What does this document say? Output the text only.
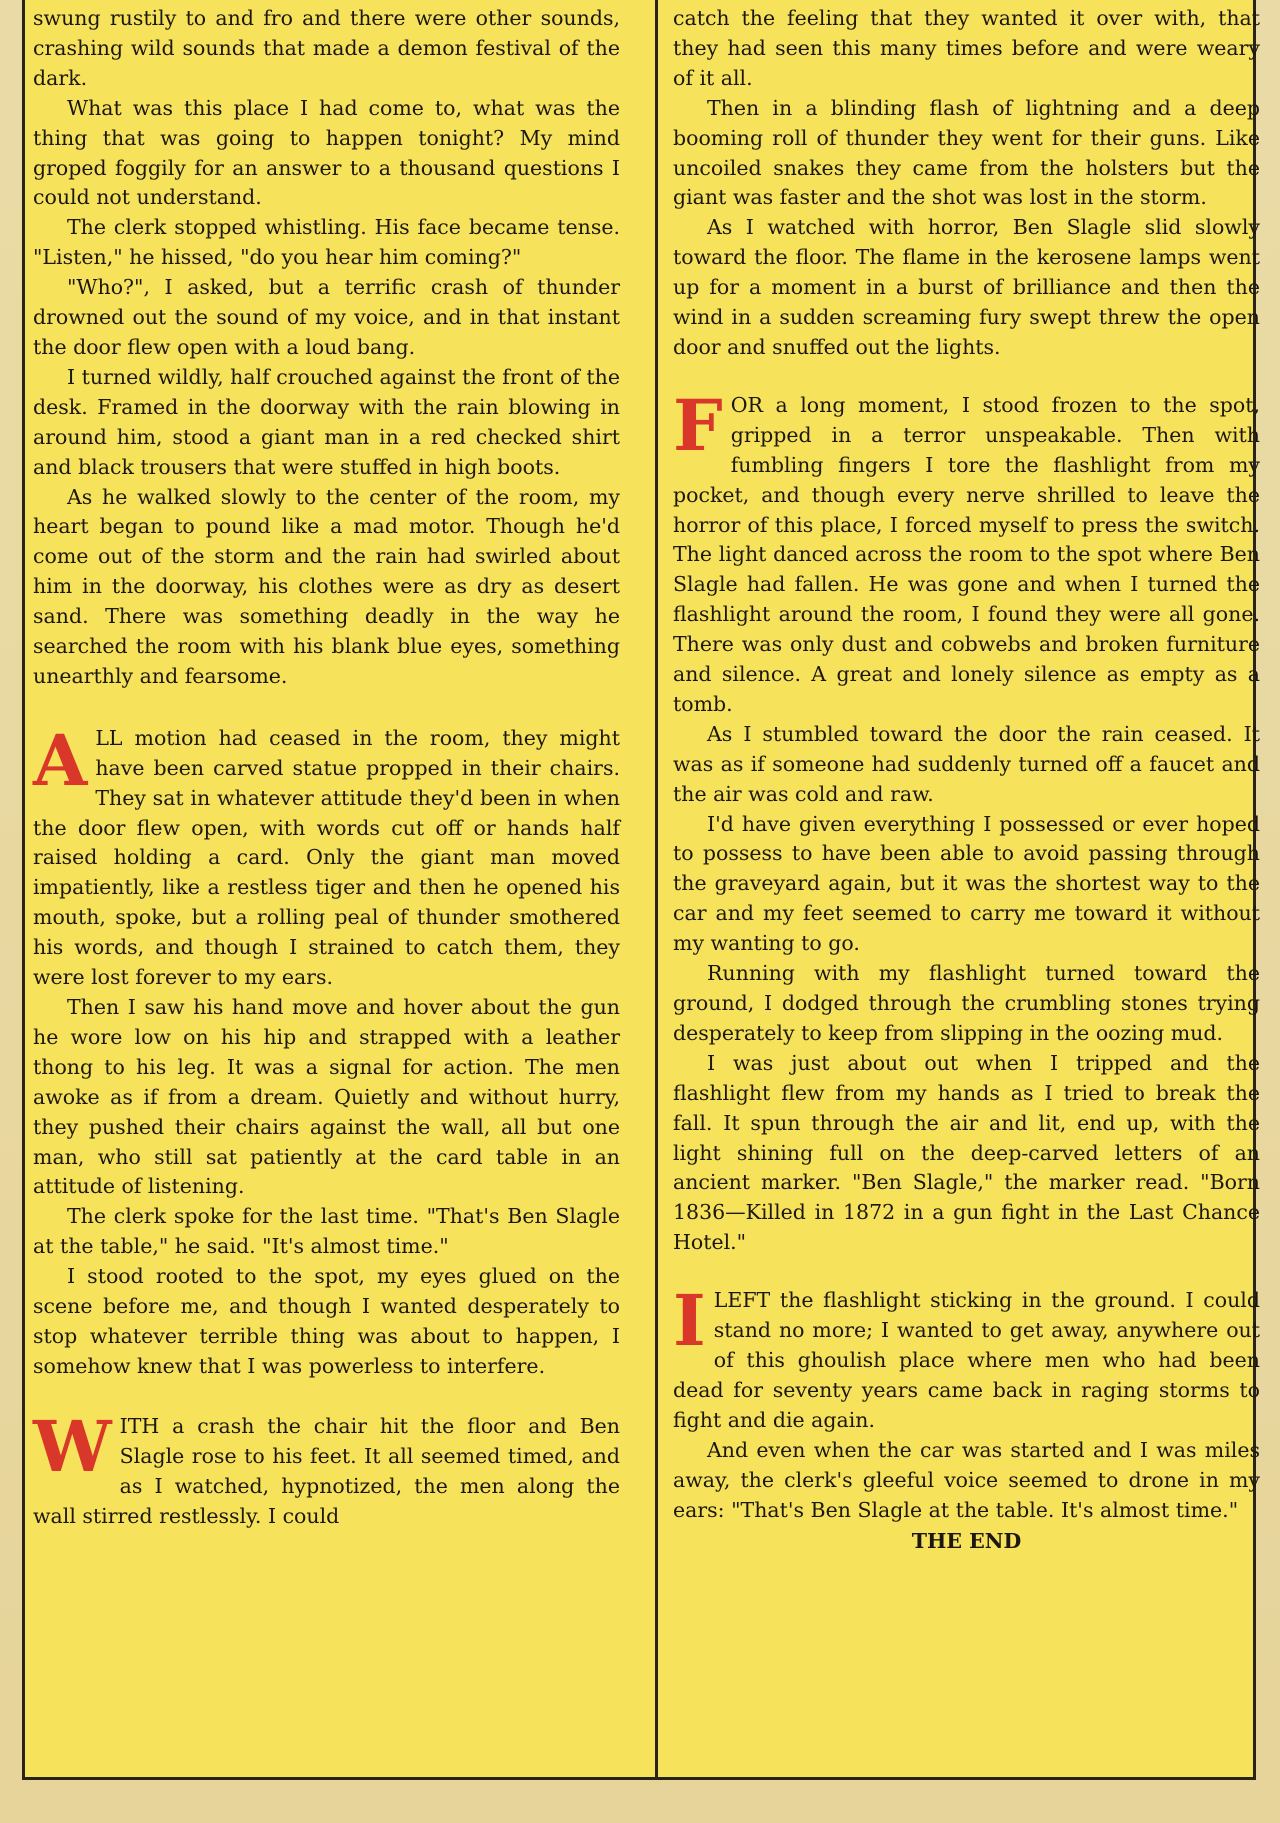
swung rustily to and fro and there were other sounds, crashing wild sounds that made a demon festival of the dark.

What was this place I had come to, what was the thing that was going to happen tonight? My mind groped foggily for an answer to a thousand questions I could not understand.

The clerk stopped whistling. His face became tense. "Listen," he hissed, "do you hear him coming?"

"Who?", I asked, but a terrific crash of thunder drowned out the sound of my voice, and in that instant the door flew open with a loud bang.

I turned wildly, half crouched against the front of the desk. Framed in the doorway with the rain blowing in around him, stood a giant man in a red checked shirt and black trousers that were stuffed in high boots.

As he walked slowly to the center of the room, my heart began to pound like a mad motor. Though he'd come out of the storm and the rain had swirled about him in the doorway, his clothes were as dry as desert sand. There was something deadly in the way he searched the room with his blank blue eyes, something unearthly and fearsome.

ALL motion had ceased in the room, they might have been carved statue propped in their chairs. They sat in whatever attitude they'd been in when the door flew open, with words cut off or hands half raised holding a card. Only the giant man moved impatiently, like a restless tiger and then he opened his mouth, spoke, but a rolling peal of thunder smothered his words, and though I strained to catch them, they were lost forever to my ears.

Then I saw his hand move and hover about the gun he wore low on his hip and strapped with a leather thong to his leg. It was a signal for action. The men awoke as if from a dream. Quietly and without hurry, they pushed their chairs against the wall, all but one man, who still sat patiently at the card table in an attitude of listening.

The clerk spoke for the last time. "That's Ben Slagle at the table," he said. "It's almost time."

I stood rooted to the spot, my eyes glued on the scene before me, and though I wanted desperately to stop whatever terrible thing was about to happen, I somehow knew that I was powerless to interfere.

WITH a crash the chair hit the floor and Ben Slagle rose to his feet. It all seemed timed, and as I watched, hypnotized, the men along the wall stirred restlessly. I could

catch the feeling that they wanted it over with, that they had seen this many times before and were weary of it all.

Then in a blinding flash of lightning and a deep booming roll of thunder they went for their guns. Like uncoiled snakes they came from the holsters but the giant was faster and the shot was lost in the storm.

As I watched with horror, Ben Slagle slid slowly toward the floor. The flame in the kerosene lamps went up for a moment in a burst of brilliance and then the wind in a sudden screaming fury swept threw the open door and snuffed out the lights.

FOR a long moment, I stood frozen to the spot, gripped in a terror unspeakable. Then with fumbling fingers I tore the flashlight from my pocket, and though every nerve shrilled to leave the horror of this place, I forced myself to press the switch. The light danced across the room to the spot where Ben Slagle had fallen. He was gone and when I turned the flashlight around the room, I found they were all gone. There was only dust and cobwebs and broken furniture and silence. A great and lonely silence as empty as a tomb.

As I stumbled toward the door the rain ceased. It was as if someone had suddenly turned off a faucet and the air was cold and raw.

I'd have given everything I possessed or ever hoped to possess to have been able to avoid passing through the graveyard again, but it was the shortest way to the car and my feet seemed to carry me toward it without my wanting to go.

Running with my flashlight turned toward the ground, I dodged through the crumbling stones trying desperately to keep from slipping in the oozing mud.

I was just about out when I tripped and the flashlight flew from my hands as I tried to break the fall. It spun through the air and lit, end up, with the light shining full on the deep-carved letters of an ancient marker. "Ben Slagle," the marker read. "Born 1836—Killed in 1872 in a gun fight in the Last Chance Hotel."

ILEFT the flashlight sticking in the ground. I could stand no more; I wanted to get away, anywhere out of this ghoulish place where men who had been dead for seventy years came back in raging storms to fight and die again.

And even when the car was started and I was miles away, the clerk's gleeful voice seemed to drone in my ears: "That's Ben Slagle at the table. It's almost time."

THE END
